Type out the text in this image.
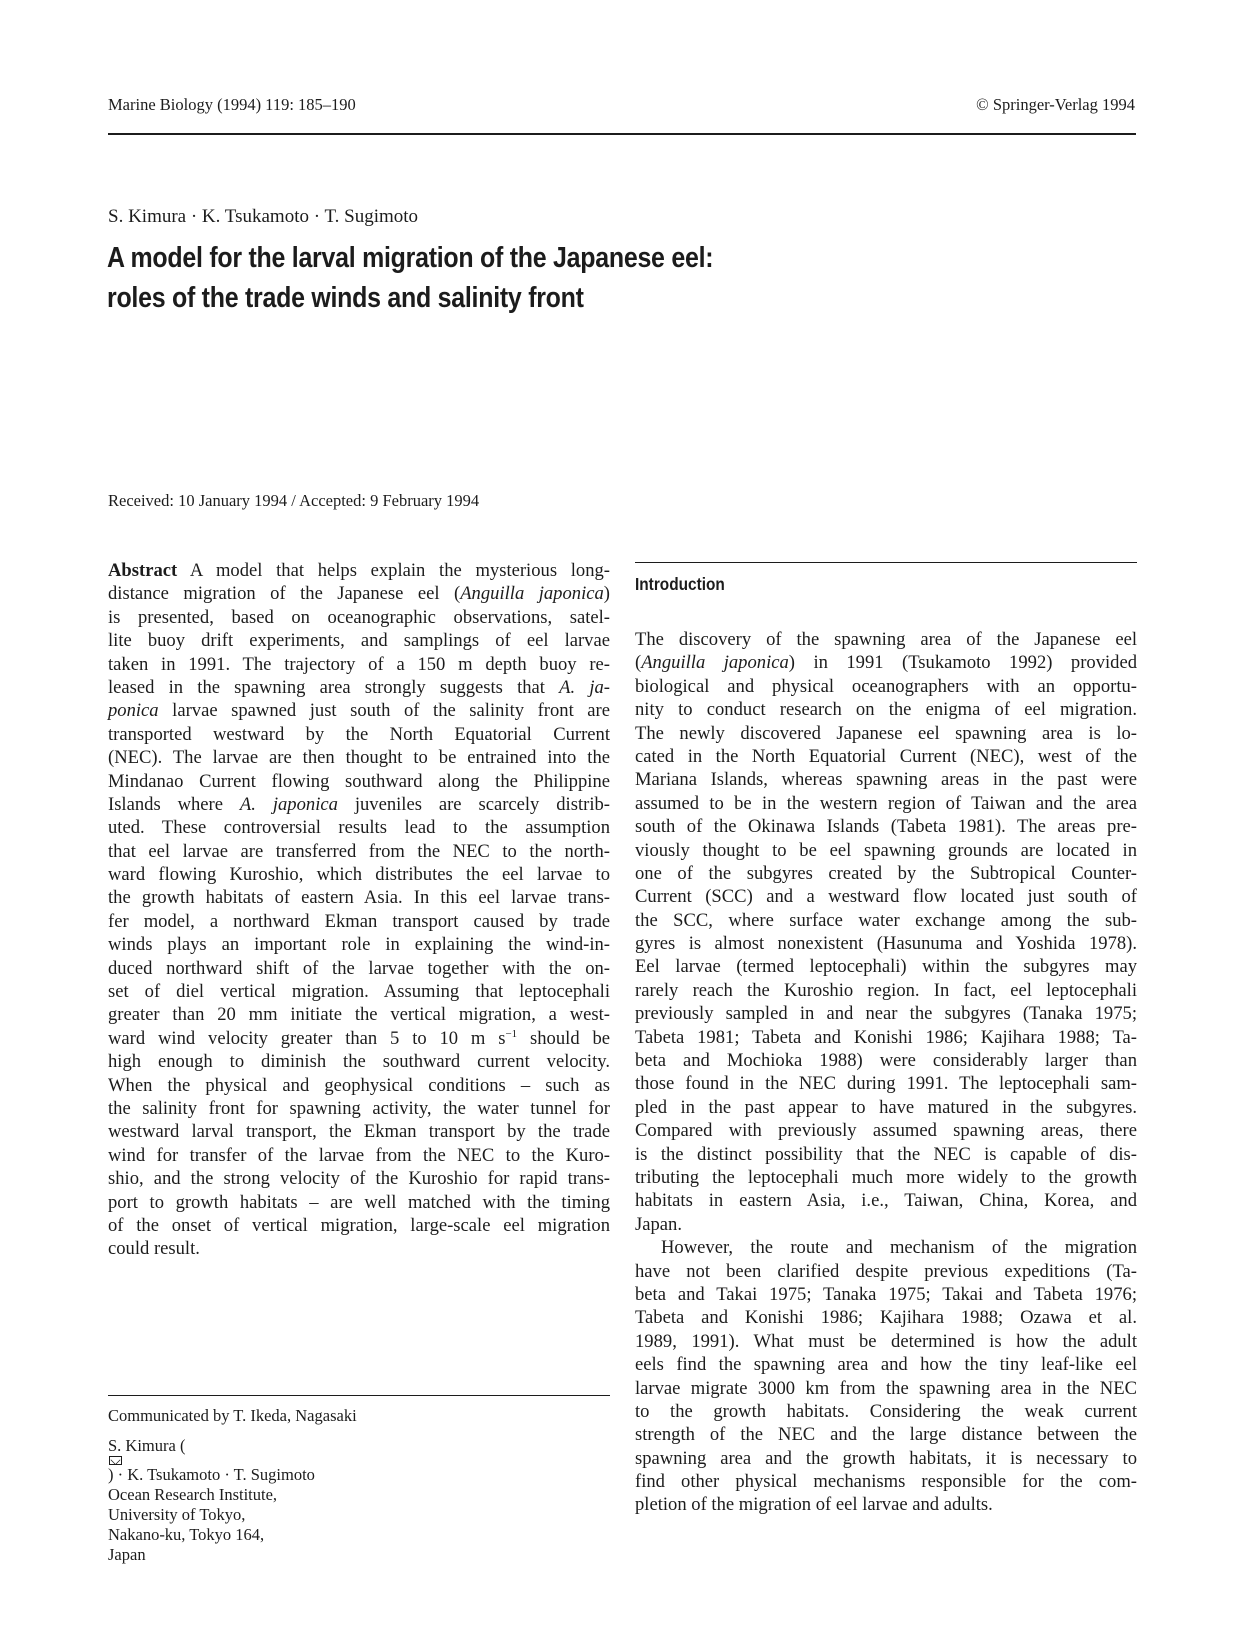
Marine Biology (1994) 119: 185–190	© Springer-Verlag 1994
S. Kimura · K. Tsukamoto · T. Sugimoto
A model for the larval migration of the Japanese eel:
roles of the trade winds and salinity front
Received: 10 January 1994 / Accepted: 9 February 1994
Abstract A model that helps explain the mysterious long-
distance migration of the Japanese eel (Anguilla japonica)
is presented, based on oceanographic observations, satel-
lite buoy drift experiments, and samplings of eel larvae
taken in 1991. The trajectory of a 150 m depth buoy re-
leased in the spawning area strongly suggests that A. ja-
ponica larvae spawned just south of the salinity front are
transported westward by the North Equatorial Current
(NEC). The larvae are then thought to be entrained into the
Mindanao Current flowing southward along the Philippine
Islands where A. japonica juveniles are scarcely distrib-
uted. These controversial results lead to the assumption
that eel larvae are transferred from the NEC to the north-
ward flowing Kuroshio, which distributes the eel larvae to
the growth habitats of eastern Asia. In this eel larvae trans-
fer model, a northward Ekman transport caused by trade
winds plays an important role in explaining the wind-in-
duced northward shift of the larvae together with the on-
set of diel vertical migration. Assuming that leptocephali
greater than 20 mm initiate the vertical migration, a west-
ward wind velocity greater than 5 to 10 m $s^{-1}$ should be
high enough to diminish the southward current velocity.
When the physical and geophysical conditions – such as
the salinity front for spawning activity, the water tunnel for
westward larval transport, the Ekman transport by the trade
wind for transfer of the larvae from the NEC to the Kuro-
shio, and the strong velocity of the Kuroshio for rapid trans-
port to growth habitats – are well matched with the timing
of the onset of vertical migration, large-scale eel migration
could result.
Communicated by T. Ikeda, Nagasaki
S. Kimura (
) · K. Tsukamoto · T. Sugimoto
Ocean Research Institute,
University of Tokyo,
Nakano-ku, Tokyo 164,
Japan
Introduction
The discovery of the spawning area of the Japanese eel
(Anguilla japonica) in 1991 (Tsukamoto 1992) provided
biological and physical oceanographers with an opportu-
nity to conduct research on the enigma of eel migration.
The newly discovered Japanese eel spawning area is lo-
cated in the North Equatorial Current (NEC), west of the
Mariana Islands, whereas spawning areas in the past were
assumed to be in the western region of Taiwan and the area
south of the Okinawa Islands (Tabeta 1981). The areas pre-
viously thought to be eel spawning grounds are located in
one of the subgyres created by the Subtropical Counter-
Current (SCC) and a westward flow located just south of
the SCC, where surface water exchange among the sub-
gyres is almost nonexistent (Hasunuma and Yoshida 1978).
Eel larvae (termed leptocephali) within the subgyres may
rarely reach the Kuroshio region. In fact, eel leptocephali
previously sampled in and near the subgyres (Tanaka 1975;
Tabeta 1981; Tabeta and Konishi 1986; Kajihara 1988; Ta-
beta and Mochioka 1988) were considerably larger than
those found in the NEC during 1991. The leptocephali sam-
pled in the past appear to have matured in the subgyres.
Compared with previously assumed spawning areas, there
is the distinct possibility that the NEC is capable of dis-
tributing the leptocephali much more widely to the growth
habitats in eastern Asia, i.e., Taiwan, China, Korea, and
Japan.
However, the route and mechanism of the migration
have not been clarified despite previous expeditions (Ta-
beta and Takai 1975; Tanaka 1975; Takai and Tabeta 1976;
Tabeta and Konishi 1986; Kajihara 1988; Ozawa et al.
1989, 1991). What must be determined is how the adult
eels find the spawning area and how the tiny leaf-like eel
larvae migrate 3000 km from the spawning area in the NEC
to the growth habitats. Considering the weak current
strength of the NEC and the large distance between the
spawning area and the growth habitats, it is necessary to
find other physical mechanisms responsible for the com-
pletion of the migration of eel larvae and adults.
